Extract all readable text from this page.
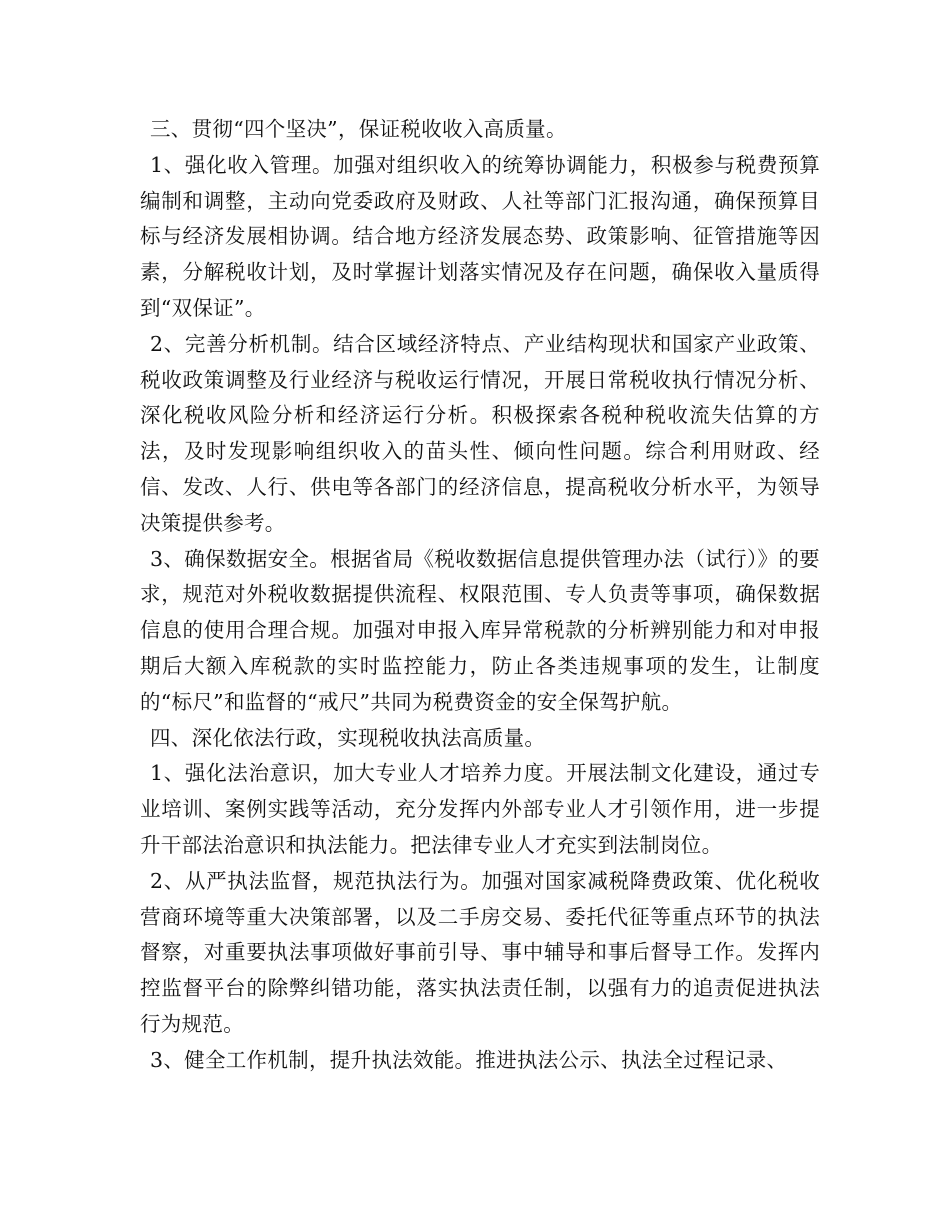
三、贯彻“四个坚决”，保证税收收入高质量。

1、强化收入管理。加强对组织收入的统筹协调能力，积极参与税费预算编制和调整，主动向党委政府及财政、人社等部门汇报沟通，确保预算目标与经济发展相协调。结合地方经济发展态势、政策影响、征管措施等因素，分解税收计划，及时掌握计划落实情况及存在问题，确保收入量质得到“双保证”。

2、完善分析机制。结合区域经济特点、产业结构现状和国家产业政策、税收政策调整及行业经济与税收运行情况，开展日常税收执行情况分析、深化税收风险分析和经济运行分析。积极探索各税种税收流失估算的方法，及时发现影响组织收入的苗头性、倾向性问题。综合利用财政、经信、发改、人行、供电等各部门的经济信息，提高税收分析水平，为领导决策提供参考。

3、确保数据安全。根据省局《税收数据信息提供管理办法（试行）》的要求，规范对外税收数据提供流程、权限范围、专人负责等事项，确保数据信息的使用合理合规。加强对申报入库异常税款的分析辨别能力和对申报期后大额入库税款的实时监控能力，防止各类违规事项的发生，让制度的“标尺”和监督的“戒尺”共同为税费资金的安全保驾护航。

四、深化依法行政，实现税收执法高质量。

1、强化法治意识，加大专业人才培养力度。开展法制文化建设，通过专业培训、案例实践等活动，充分发挥内外部专业人才引领作用，进一步提升干部法治意识和执法能力。把法律专业人才充实到法制岗位。

2、从严执法监督，规范执法行为。加强对国家减税降费政策、优化税收营商环境等重大决策部署，以及二手房交易、委托代征等重点环节的执法督察，对重要执法事项做好事前引导、事中辅导和事后督导工作。发挥内控监督平台的除弊纠错功能，落实执法责任制，以强有力的追责促进执法行为规范。

3、健全工作机制，提升执法效能。推进执法公示、执法全过程记录、
